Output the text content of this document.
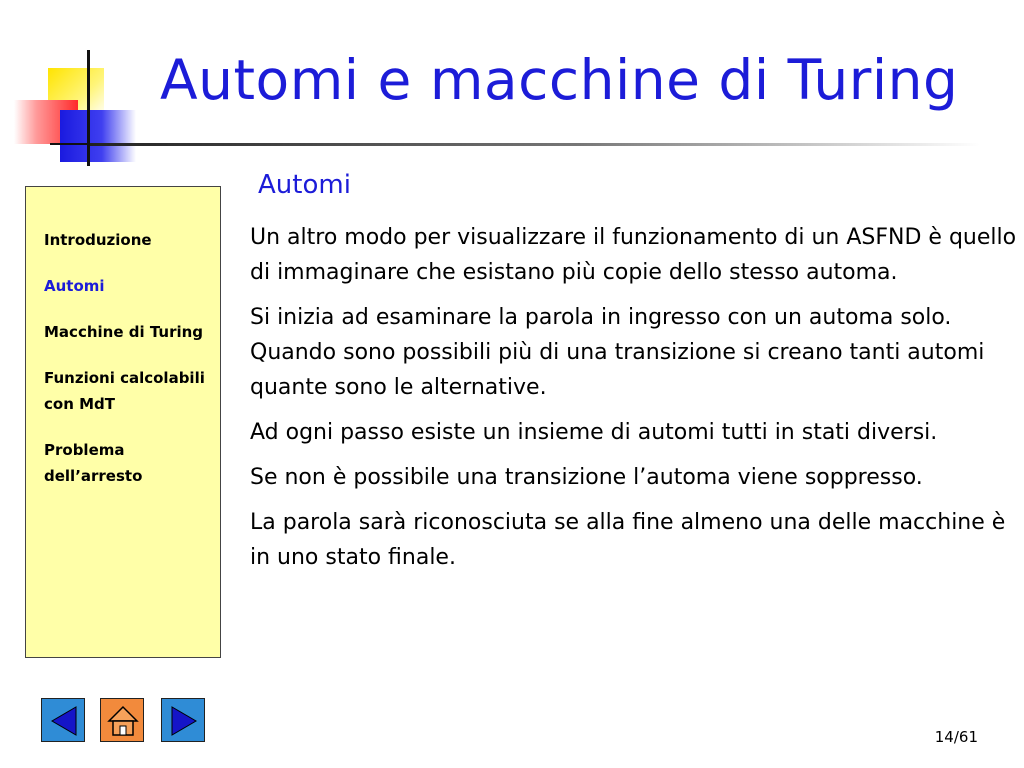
Automi e macchine di Turing
Introduzione
Automi
Macchine di Turing
Funzioni calcolabili con MdT
Problema dell’arresto
Automi

Un altro modo per visualizzare il funzionamento di un ASFND è quello di immaginare che esistano più copie dello stesso automa.

Si inizia ad esaminare la parola in ingresso con un automa solo. Quando sono possibili più di una transizione si creano tanti automi quante sono le alternative.

Ad ogni passo esiste un insieme di automi tutti in stati diversi.

Se non è possibile una transizione l’automa viene soppresso.

La parola sarà riconosciuta se alla fine almeno una delle macchine è in uno stato finale.

14/61
